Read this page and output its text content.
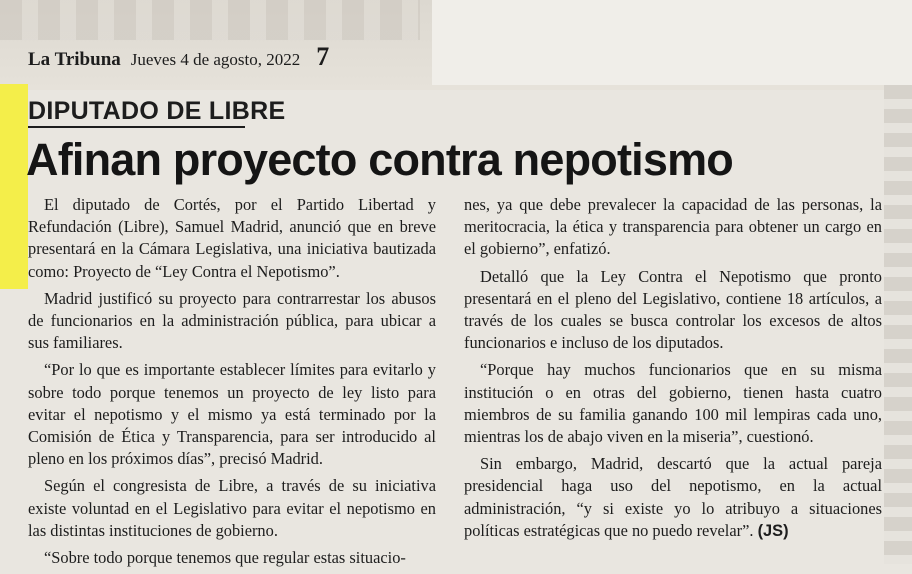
La Tribuna Jueves 4 de agosto, 2022 7
DIPUTADO DE LIBRE
Afinan proyecto contra nepotismo

El diputado de Cortés, por el Partido Libertad y Refundación (Libre), Samuel Madrid, anunció que en breve presentará en la Cámara Legislativa, una iniciativa bautizada como: Proyecto de “Ley Contra el Nepotismo”.

Madrid justificó su proyecto para contrarrestar los abusos de funcionarios en la administración pública, para ubicar a sus familiares.

“Por lo que es importante establecer límites para evitarlo y sobre todo porque tenemos un proyecto de ley listo para evitar el nepotismo y el mismo ya está terminado por la Comisión de Ética y Transparencia, para ser introducido al pleno en los próximos días”, precisó Madrid.

Según el congresista de Libre, a través de su iniciativa existe voluntad en el Legislativo para evitar el nepotismo en las distintas instituciones de gobierno.

“Sobre todo porque tenemos que regular estas situacio-

nes, ya que debe prevalecer la capacidad de las personas, la meritocracia, la ética y transparencia para obtener un cargo en el gobierno”, enfatizó.

Detalló que la Ley Contra el Nepotismo que pronto presentará en el pleno del Legislativo, contiene 18 artículos, a través de los cuales se busca controlar los excesos de altos funcionarios e incluso de los diputados.

“Porque hay muchos funcionarios que en su misma institución o en otras del gobierno, tienen hasta cuatro miembros de su familia ganando 100 mil lempiras cada uno, mientras los de abajo viven en la miseria”, cuestionó.

Sin embargo, Madrid, descartó que la actual pareja presidencial haga uso del nepotismo, en la actual administración, “y si existe yo lo atribuyo a situaciones políticas estratégicas que no puedo revelar”. (JS)
